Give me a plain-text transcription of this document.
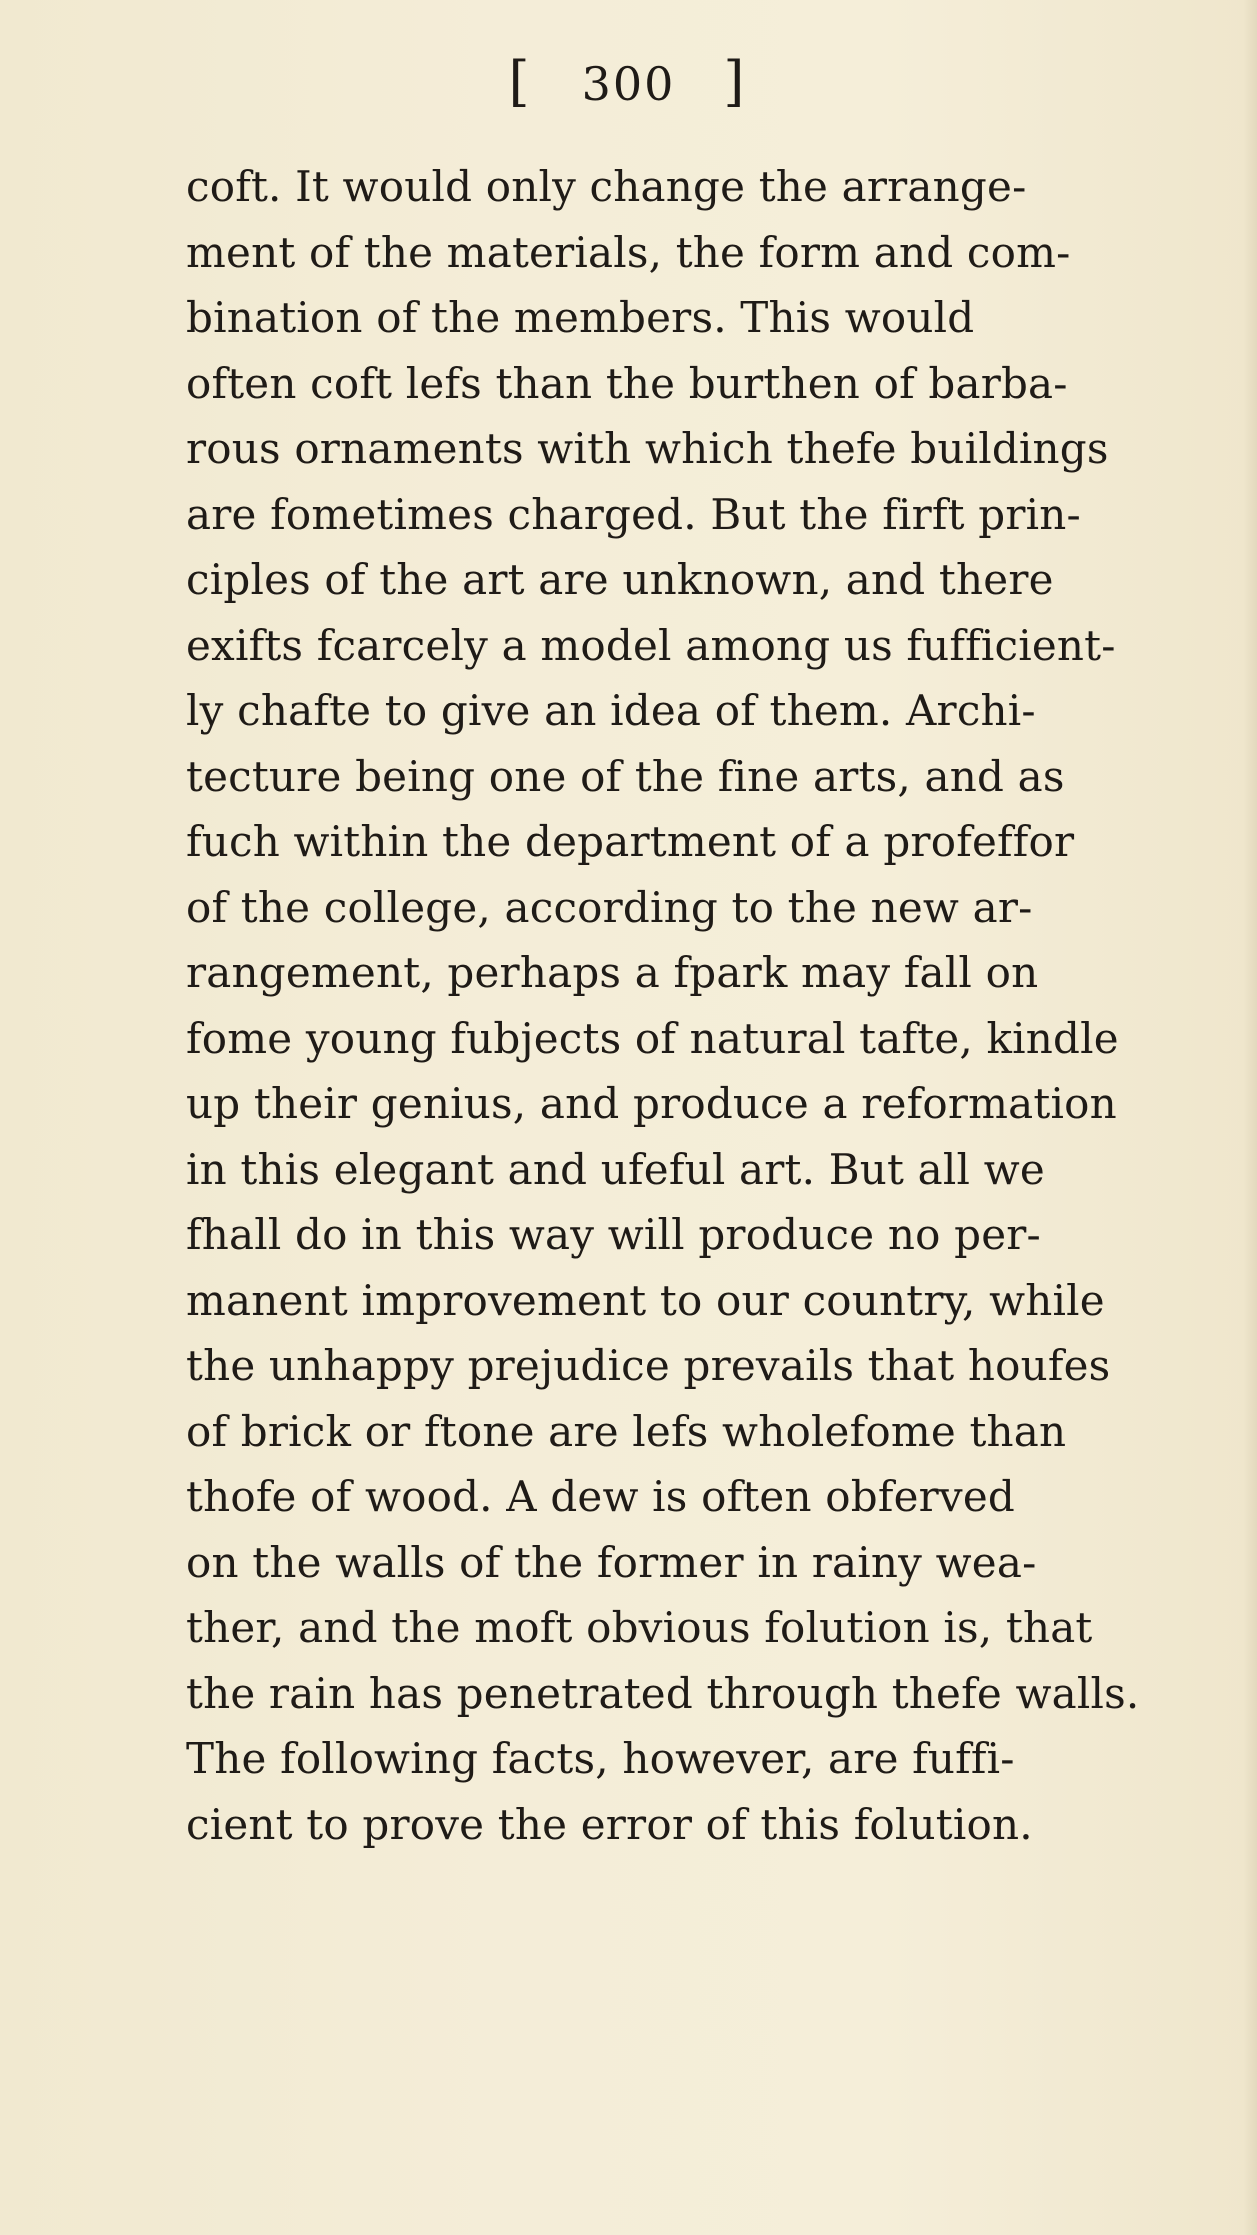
[ 300 ]
coft. It would only change the arrange-
ment of the materials, the form and com-
bination of the members. This would
often coft lefs than the burthen of barba-
rous ornaments with which thefe buildings
are fometimes charged. But the firft prin-
ciples of the art are unknown, and there
exifts fcarcely a model among us fufficient-
ly chafte to give an idea of them. Archi-
tecture being one of the fine arts, and as
fuch within the department of a profeffor
of the college, according to the new ar-
rangement, perhaps a fpark may fall on
fome young fubjects of natural tafte, kindle
up their genius, and produce a reformation
in this elegant and ufeful art. But all we
fhall do in this way will produce no per-
manent improvement to our country, while
the unhappy prejudice prevails that houfes
of brick or ftone are lefs wholefome than
thofe of wood. A dew is often obferved
on the walls of the former in rainy wea-
ther, and the moft obvious folution is, that
the rain has penetrated through thefe walls.
The following facts, however, are fuffi-
cient to prove the error of this folution.
